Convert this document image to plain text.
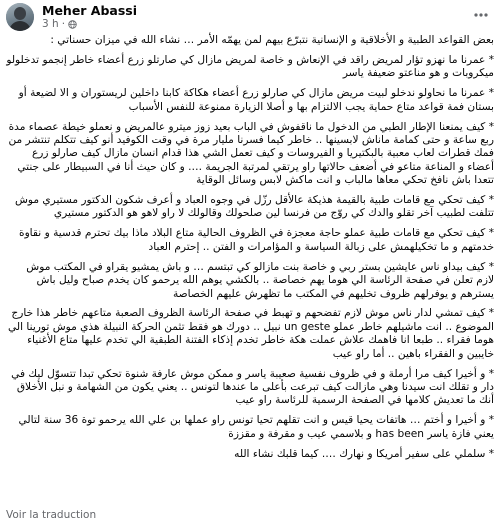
Meher Abassi
3 h ·

بعض القواعد الطبية و الأخلاقية و الإنسانية نتبرّع بيهم لمن يهمّه الأمر … نشاء الله في ميزان حسناتي :

* عمرنا ما نهزو تؤار لمريض راقد في الإنعاش و خاصة لمريض مازال كي صارتلو زرع أعضاء خاطر إنجمو تدخلولو ميكروبات و هو مناعتو ضعيفة ياسر

* عمرنا ما نحاولو ندخلو لبيت مريض مازال كي صارلو زرع أعضاء هكاكة كابنا داخلين لريستوران و الا لضيعة أو بستان فمة قواعد متاع حماية يجب الالتزام بها و أصلا الزيارة ممنوعة للنفس الأسباب

* كيف يمنعنا الإطار الطبي من الدخول ما ناقفوش في الباب بعيد زوز ميترو عالمريض و نعملو خيطة عصماء مدة ربع ساعة و حتى كمامة ماناش لابسينها .. خاطر كيما فسرنا مليار مرة في وقت الكوفيد أنو كيف تتكلم تنتشر من فمك قطرات لعاب معبية بالبكتيريا و الفيروسات و كيف تعمل الشي هذا قدام انسان مازال كيف صارلو زرع أعضاء و المناعة متاعو في أضعف حالاتها راو يرتقي لمرتبة الجريمة …. و كان حيث أنا في السبيطار على جنتي تتعدا باش نافخ تحكي معاها مالباب و انت ماكش لابس وسائل الوقاية

* كيف تحكي مع قامات طبية بالقيمة هذيكة عالأقل رزّل في وجوه العباد و أعرف شكون الدكتور مستيري موش تتلفت لطبيب آخر تقلو والدك كي روّج من فرنسا لين صلحولك وقالولك لا راو لاهو هو الدكتور مستيري

* كيف تحكي مع قامات طبية عملو حاجة معجزة في الظروف الحالية متاع البلاد ماذا بيك تحترم قدسية و نقاوة خدمتهم و ما تخكيلهمش على زبالة السياسة و المؤامرات و الفتن .. إحترم العباد

* كيف بيداو ناس عايشين بستر ربي و خاصة بنت مازالو كي تبتسم … و باش يمشيو يقراو في المكتب موش لازم تعلن في صفحة الرئاسة الي هوما يهم خصاصة .. بالكشي يوهم الله يرحمو كان يخدم صباح وليل باش يسترهم و يوفرلهم ظروف تخليهم في المكتب ما تظهرش عليهم الخصاصة

* كيف تمشي لدار ناس موش لازم تفضحهم و تهبط في صفحة الرئاسة الظروف الصعبة متاعهم خاطر هذا خارج الموضوع .. انت ماشيلهم خاطر عملو un geste نبيل .. دورك هو فقط تثمن الحركة النبيلة هذي موش تورينا الي هوما فقراء .. طبعا انا فاهمك علاش عملت هكة خاطر تخدم إذكاء الفتنة الطبقية الي تخدم عليها متاع الأغنياء خايبين و الفقراء باهين .. أما راو عيب

* و أخيرا كيف مرا أرملة و في ظروف نفسية صعيبة ياسر و ممكن موش عارفة شنوة تحكي تبدا تتسوّل ليك في دار و تقلك انت سيدنا وهي مازالت كيف تبرعت بأعلى ما عندها لتونس .. يعني يكون من الشهامة و نبل الأخلاق أنك ما تعديش كلامها في الصفحة الرسمية للرئاسة راو عيب

* و أخيرا و أختم … هاتفات يحيا قيس و انت تقلهم تحيا تونس راو عملها بن علي الله يرحمو توة 36 سنة لتالي يعني فازة ياسر has been و بلاسمي عيب و مقرفة و مقززة

* سلملي على سفير أمريكا و نهارك …. كيما قلبك نشاء الله

Voir la traduction
